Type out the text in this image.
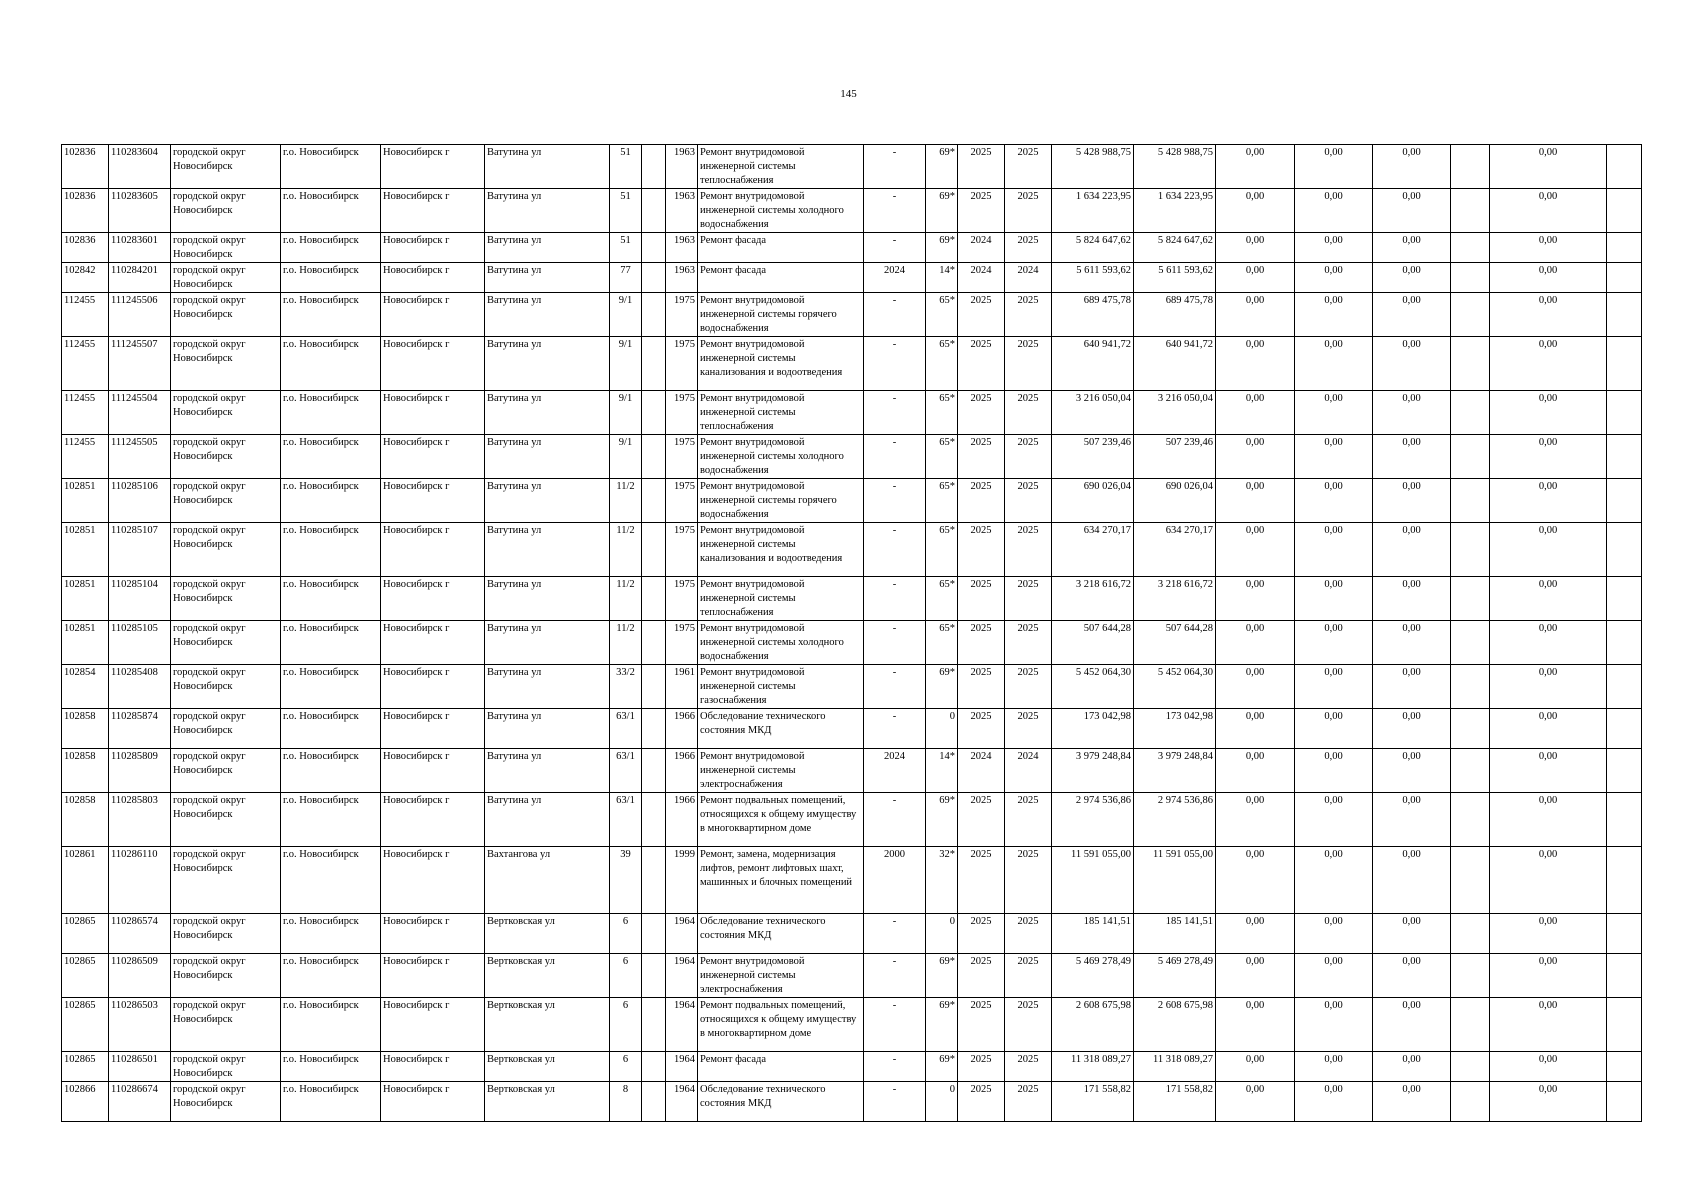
145
102836	110283604	городской округ Новосибирск	г.о. Новосибирск	Новосибирск г	Ватутина ул	51		1963	Ремонт внутридомовой инженерной системы теплоснабжения	-	69*	2025	2025	5 428 988,75	5 428 988,75	0,00	0,00	0,00		0,00	
102836	110283605	городской округ Новосибирск	г.о. Новосибирск	Новосибирск г	Ватутина ул	51		1963	Ремонт внутридомовой инженерной системы холодного водоснабжения	-	69*	2025	2025	1 634 223,95	1 634 223,95	0,00	0,00	0,00		0,00	
102836	110283601	городской округ Новосибирск	г.о. Новосибирск	Новосибирск г	Ватутина ул	51		1963	Ремонт фасада	-	69*	2024	2025	5 824 647,62	5 824 647,62	0,00	0,00	0,00		0,00	
102842	110284201	городской округ Новосибирск	г.о. Новосибирск	Новосибирск г	Ватутина ул	77		1963	Ремонт фасада	2024	14*	2024	2024	5 611 593,62	5 611 593,62	0,00	0,00	0,00		0,00	
112455	111245506	городской округ Новосибирск	г.о. Новосибирск	Новосибирск г	Ватутина ул	9/1		1975	Ремонт внутридомовой инженерной системы горячего водоснабжения	-	65*	2025	2025	689 475,78	689 475,78	0,00	0,00	0,00		0,00	
112455	111245507	городской округ Новосибирск	г.о. Новосибирск	Новосибирск г	Ватутина ул	9/1		1975	Ремонт внутридомовой инженерной системы канализования и водоотведения	-	65*	2025	2025	640 941,72	640 941,72	0,00	0,00	0,00		0,00	
112455	111245504	городской округ Новосибирск	г.о. Новосибирск	Новосибирск г	Ватутина ул	9/1		1975	Ремонт внутридомовой инженерной системы теплоснабжения	-	65*	2025	2025	3 216 050,04	3 216 050,04	0,00	0,00	0,00		0,00	
112455	111245505	городской округ Новосибирск	г.о. Новосибирск	Новосибирск г	Ватутина ул	9/1		1975	Ремонт внутридомовой инженерной системы холодного водоснабжения	-	65*	2025	2025	507 239,46	507 239,46	0,00	0,00	0,00		0,00	
102851	110285106	городской округ Новосибирск	г.о. Новосибирск	Новосибирск г	Ватутина ул	11/2		1975	Ремонт внутридомовой инженерной системы горячего водоснабжения	-	65*	2025	2025	690 026,04	690 026,04	0,00	0,00	0,00		0,00	
102851	110285107	городской округ Новосибирск	г.о. Новосибирск	Новосибирск г	Ватутина ул	11/2		1975	Ремонт внутридомовой инженерной системы канализования и водоотведения	-	65*	2025	2025	634 270,17	634 270,17	0,00	0,00	0,00		0,00	
102851	110285104	городской округ Новосибирск	г.о. Новосибирск	Новосибирск г	Ватутина ул	11/2		1975	Ремонт внутридомовой инженерной системы теплоснабжения	-	65*	2025	2025	3 218 616,72	3 218 616,72	0,00	0,00	0,00		0,00	
102851	110285105	городской округ Новосибирск	г.о. Новосибирск	Новосибирск г	Ватутина ул	11/2		1975	Ремонт внутридомовой инженерной системы холодного водоснабжения	-	65*	2025	2025	507 644,28	507 644,28	0,00	0,00	0,00		0,00	
102854	110285408	городской округ Новосибирск	г.о. Новосибирск	Новосибирск г	Ватутина ул	33/2		1961	Ремонт внутридомовой инженерной системы газоснабжения	-	69*	2025	2025	5 452 064,30	5 452 064,30	0,00	0,00	0,00		0,00	
102858	110285874	городской округ Новосибирск	г.о. Новосибирск	Новосибирск г	Ватутина ул	63/1		1966	Обследование технического состояния МКД	-	0	2025	2025	173 042,98	173 042,98	0,00	0,00	0,00		0,00	
102858	110285809	городской округ Новосибирск	г.о. Новосибирск	Новосибирск г	Ватутина ул	63/1		1966	Ремонт внутридомовой инженерной системы электроснабжения	2024	14*	2024	2024	3 979 248,84	3 979 248,84	0,00	0,00	0,00		0,00	
102858	110285803	городской округ Новосибирск	г.о. Новосибирск	Новосибирск г	Ватутина ул	63/1		1966	Ремонт подвальных помещений, относящихся к общему имуществу в многоквартирном доме	-	69*	2025	2025	2 974 536,86	2 974 536,86	0,00	0,00	0,00		0,00	
102861	110286110	городской округ Новосибирск	г.о. Новосибирск	Новосибирск г	Вахтангова ул	39		1999	Ремонт, замена, модернизация лифтов, ремонт лифтовых шахт, машинных и блочных помещений	2000	32*	2025	2025	11 591 055,00	11 591 055,00	0,00	0,00	0,00		0,00	
102865	110286574	городской округ Новосибирск	г.о. Новосибирск	Новосибирск г	Вертковская ул	6		1964	Обследование технического состояния МКД	-	0	2025	2025	185 141,51	185 141,51	0,00	0,00	0,00		0,00	
102865	110286509	городской округ Новосибирск	г.о. Новосибирск	Новосибирск г	Вертковская ул	6		1964	Ремонт внутридомовой инженерной системы электроснабжения	-	69*	2025	2025	5 469 278,49	5 469 278,49	0,00	0,00	0,00		0,00	
102865	110286503	городской округ Новосибирск	г.о. Новосибирск	Новосибирск г	Вертковская ул	6		1964	Ремонт подвальных помещений, относящихся к общему имуществу в многоквартирном доме	-	69*	2025	2025	2 608 675,98	2 608 675,98	0,00	0,00	0,00		0,00	
102865	110286501	городской округ Новосибирск	г.о. Новосибирск	Новосибирск г	Вертковская ул	6		1964	Ремонт фасада	-	69*	2025	2025	11 318 089,27	11 318 089,27	0,00	0,00	0,00		0,00	
102866	110286674	городской округ Новосибирск	г.о. Новосибирск	Новосибирск г	Вертковская ул	8		1964	Обследование технического состояния МКД	-	0	2025	2025	171 558,82	171 558,82	0,00	0,00	0,00		0,00	
